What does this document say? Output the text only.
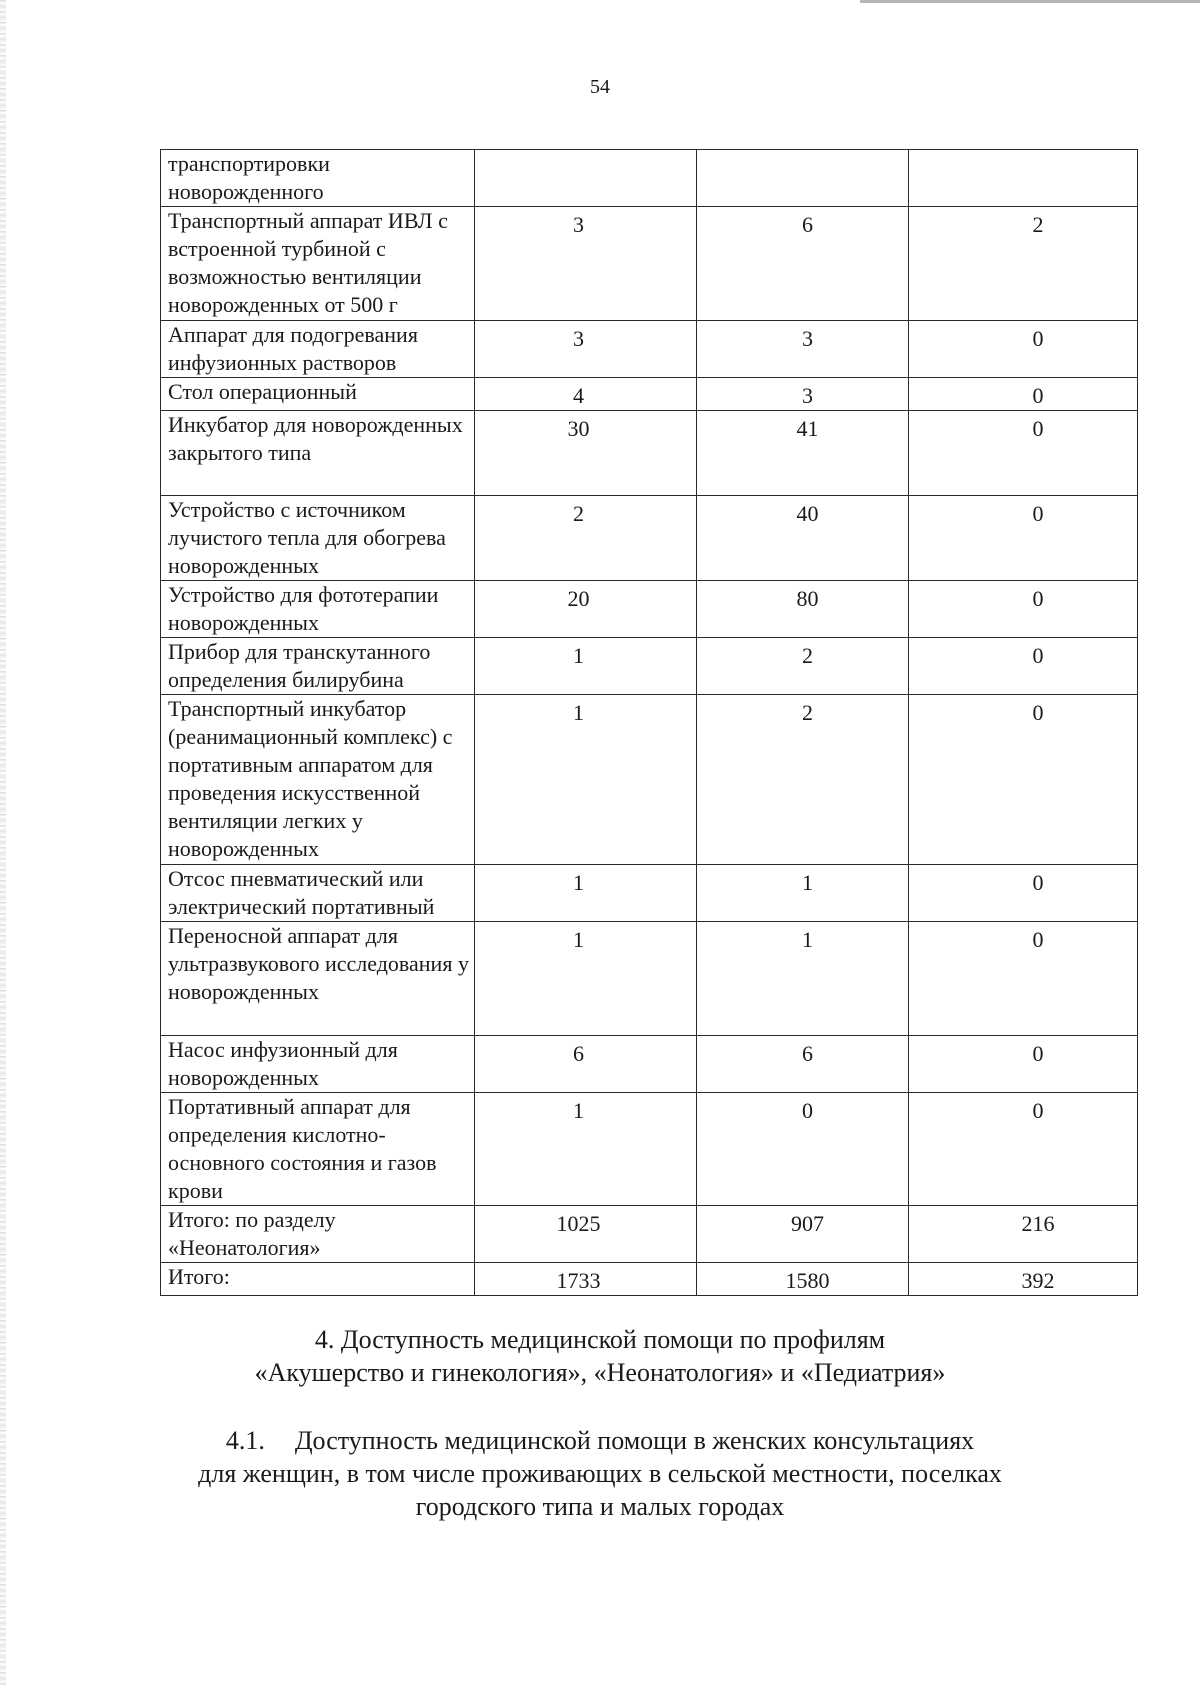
54
транспортировки новорожденного			
Транспортный аппарат ИВЛ с встроенной турбиной с возможностью вентиляции новорожденных от 500 г	3	6	2
Аппарат для подогревания инфузионных растворов	3	3	0
Стол операционный	4	3	0
Инкубатор для новорожденных закрытого типа	30	41	0
Устройство с источником лучистого тепла для обогрева новорожденных	2	40	0
Устройство для фототерапии новорожденных	20	80	0
Прибор для транскутанного определения билирубина	1	2	0
Транспортный инкубатор (реанимационный комплекс) с портативным аппаратом для проведения искусственной вентиляции легких у новорожденных	1	2	0
Отсос пневматический или электрический портативный	1	1	0
Переносной аппарат для ультразвукового исследования у новорожденных	1	1	0
Насос инфузионный для новорожденных	6	6	0
Портативный аппарат для определения кислотно-основного состояния и газов крови	1	0	0
Итого: по разделу «Неонатология»	1025	907	216
Итого:	1733	1580	392
4. Доступность медицинской помощи по профилям
«Акушерство и гинекология», «Неонатология» и «Педиатрия»
4.1. Доступность медицинской помощи в женских консультациях
для женщин, в том числе проживающих в сельской местности, поселках
городского типа и малых городах
